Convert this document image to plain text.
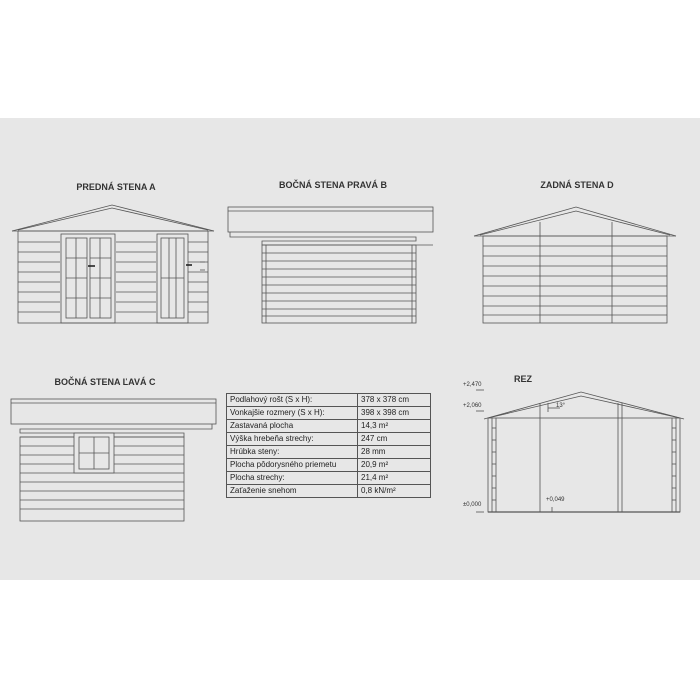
PREDNÁ STENA A	BOČNÁ STENA PRAVÁ B	ZADNÁ STENA D
BOČNÁ STENA ĽAVÁ C	REZ
+2,470
+2,060
±0,000
+0,049
13°
Podlahový rošt (S x H):	378 x 378 cm
Vonkajšie rozmery (S x H):	398 x 398 cm
Zastavaná plocha	14,3 m²
Výška hrebeňa strechy:	247 cm
Hrúbka steny:	28 mm
Plocha pôdorysného priemetu	20,9 m²
Plocha strechy:	21,4 m²
Zaťaženie snehom	0,8 kN/m²
